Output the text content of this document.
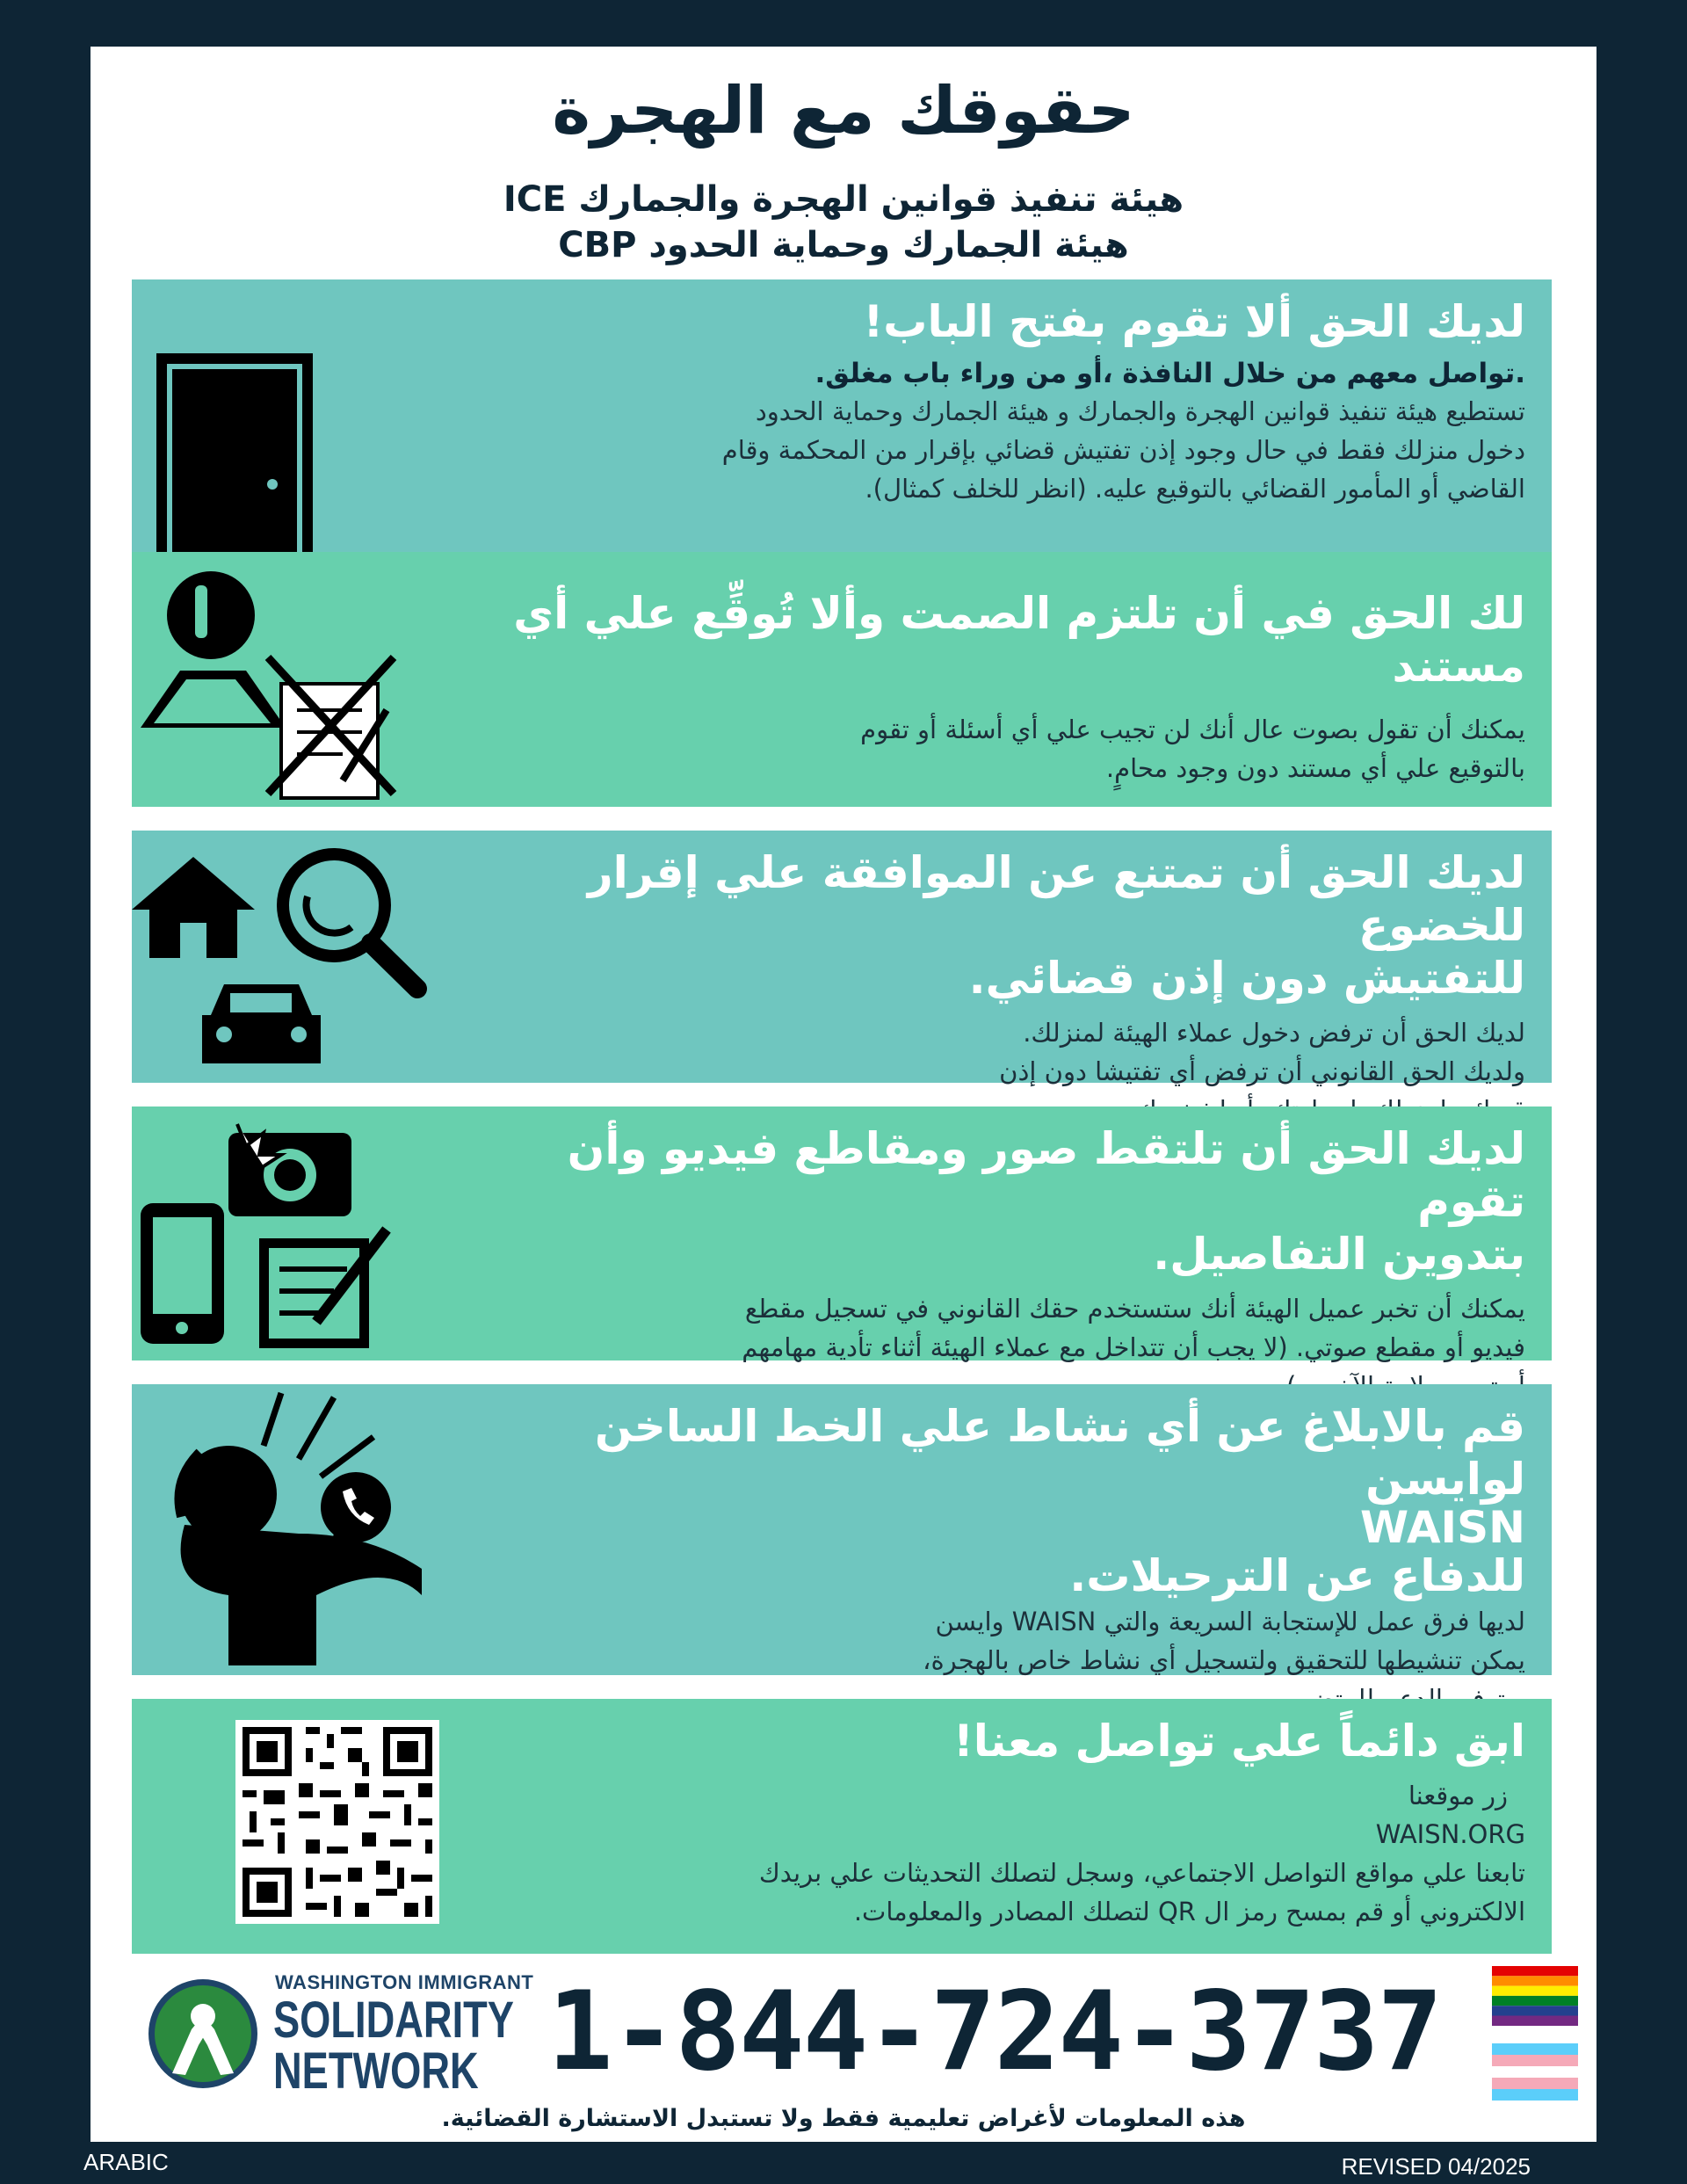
حقوقك مع الهجرة
هيئة تنفيذ قوانين الهجرة والجمارك ICE
هيئة الجمارك وحماية الحدود CBP
لديك الحق ألا تقوم بفتح الباب!
.تواصل معهم من خلال النافذة ،أو من وراء باب مغلق.
تستطيع هيئة تنفيذ قوانين الهجرة والجمارك و هيئة الجمارك وحماية الحدود
دخول منزلك فقط في حال وجود إذن تفتيش قضائي بإقرار من المحكمة وقام
القاضي أو المأمور القضائي بالتوقيع عليه. (انظر للخلف كمثال).
لك الحق في أن تلتزم الصمت وألا تُوقِّع علي أي مستند
يمكنك أن تقول بصوت عال أنك لن تجيب علي أي أسئلة أو تقوم
بالتوقيع علي أي مستند دون وجود محامٍ.
لديك الحق أن تمتنع عن الموافقة علي إقرار للخضوع
للتفتيش دون إذن قضائي.
لديك الحق أن ترفض دخول عملاء الهيئة لمنزلك.
ولديك الحق القانوني أن ترفض أي تفتيشا دون إذن
لديك الحق أن تلتقط صور ومقاطع فيديو وأن تقوم
بتدوين التفاصيل.
يمكنك أن تخبر عميل الهيئة أنك ستستخدم حقك القانوني في تسجيل مقطع
فيديو أو مقطع صوتي. (لا يجب أن تتداخل مع عملاء الهيئة أثناء تأدية مهامهم
قم بالابلاغ عن أي نشاط علي الخط الساخن لوايسن
WAISN
للدفاع عن الترحيلات.
لديها فرق عمل للإستجابة السريعة والتي WAISN وايسن
يمكن تنشيطها للتحقيق ولتسجيل أي نشاط خاص بالهجرة،
ابق دائماً علي تواصل معنا!
زر موقعنا
WAISN.ORG
تابعنا علي مواقع التواصل الاجتماعي، وسجل لتصلك التحديثات علي بريدك
الالكتروني أو قم بمسح رمز ال QR لتصلك المصادر والمعلومات.
WASHINGTON IMMIGRANT
SOLIDARITY
NETWORK 1-844-724-3737
هذه المعلومات لأغراض تعليمية فقط ولا تستبدل الاستشارة القضائية.
ARABIC	REVISED 04/2025
